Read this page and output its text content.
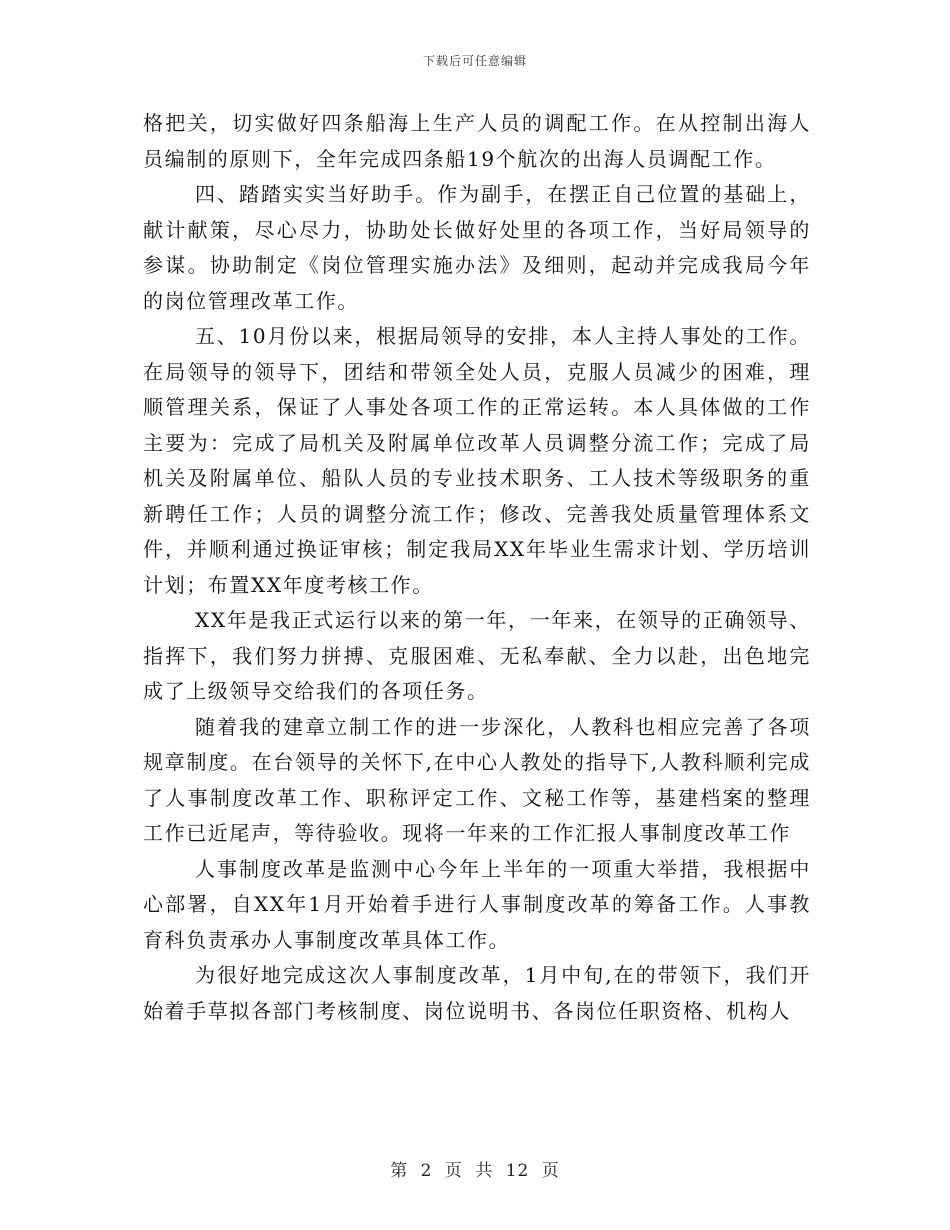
下载后可任意编辑

格把关，切实做好四条船海上生产人员的调配工作。在从控制出海人员编制的原则下，全年完成四条船19个航次的出海人员调配工作。

四、踏踏实实当好助手。作为副手，在摆正自己位置的基础上，献计献策，尽心尽力，协助处长做好处里的各项工作，当好局领导的参谋。协助制定《岗位管理实施办法》及细则，起动并完成我局今年的岗位管理改革工作。

五、10月份以来，根据局领导的安排，本人主持人事处的工作。在局领导的领导下，团结和带领全处人员，克服人员减少的困难，理顺管理关系，保证了人事处各项工作的正常运转。本人具体做的工作主要为：完成了局机关及附属单位改革人员调整分流工作；完成了局机关及附属单位、船队人员的专业技术职务、工人技术等级职务的重新聘任工作；人员的调整分流工作；修改、完善我处质量管理体系文件，并顺利通过换证审核；制定我局XX年毕业生需求计划、学历培训计划；布置XX年度考核工作。

XX年是我正式运行以来的第一年，一年来，在领导的正确领导、指挥下，我们努力拼搏、克服困难、无私奉献、全力以赴，出色地完成了上级领导交给我们的各项任务。

随着我的建章立制工作的进一步深化，人教科也相应完善了各项规章制度。在台领导的关怀下,在中心人教处的指导下,人教科顺利完成了人事制度改革工作、职称评定工作、文秘工作等，基建档案的整理工作已近尾声，等待验收。现将一年来的工作汇报人事制度改革工作

人事制度改革是监测中心今年上半年的一项重大举措，我根据中心部署，自XX年1月开始着手进行人事制度改革的筹备工作。人事教育科负责承办人事制度改革具体工作。

为很好地完成这次人事制度改革，1月中旬,在的带领下，我们开始着手草拟各部门考核制度、岗位说明书、各岗位任职资格、机构人

第 2 页 共 12 页
